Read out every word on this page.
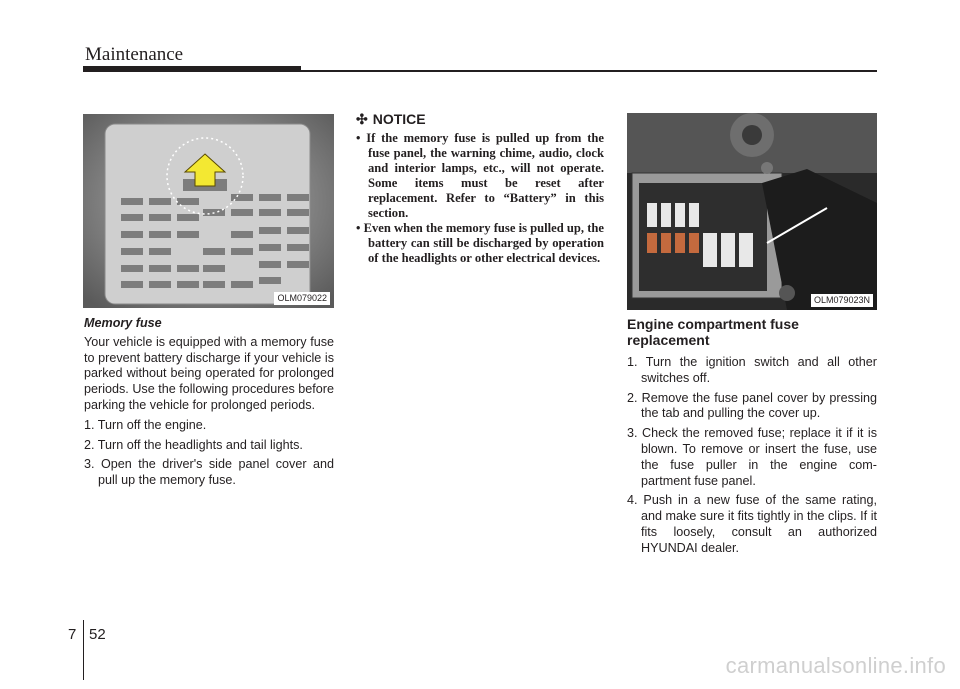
Maintenance
OLM079022
Memory fuse

Your vehicle is equipped with a memory fuse to prevent battery discharge if your vehicle is parked without being operated for prolonged periods. Use the following procedures before parking the vehicle for prolonged periods.

1. Turn off the engine.
2. Turn off the headlights and tail lights.
3. Open the driver's side panel cover and pull up the memory fuse.
✣ NOTICE
• If the memory fuse is pulled up from the fuse panel, the warning chime, audio, clock and interior lamps, etc., will not operate. Some items must be reset after replacement. Refer to “Battery” in this section.
• Even when the memory fuse is pulled up, the battery can still be discharged by operation of the headlights or other electrical devices.
OLM079023N
Engine compartment fuse replacement
1. Turn the ignition switch and all other switches off.
2. Remove the fuse panel cover by pressing the tab and pulling the cover up.
3. Check the removed fuse; replace it if it is blown. To remove or insert the fuse, use the fuse puller in the engine com- partment fuse panel.
4. Push in a new fuse of the same rating, and make sure it fits tightly in the clips. If it fits loosely, consult an authorized HYUNDAI dealer.
7 52
carmanualsonline.info
